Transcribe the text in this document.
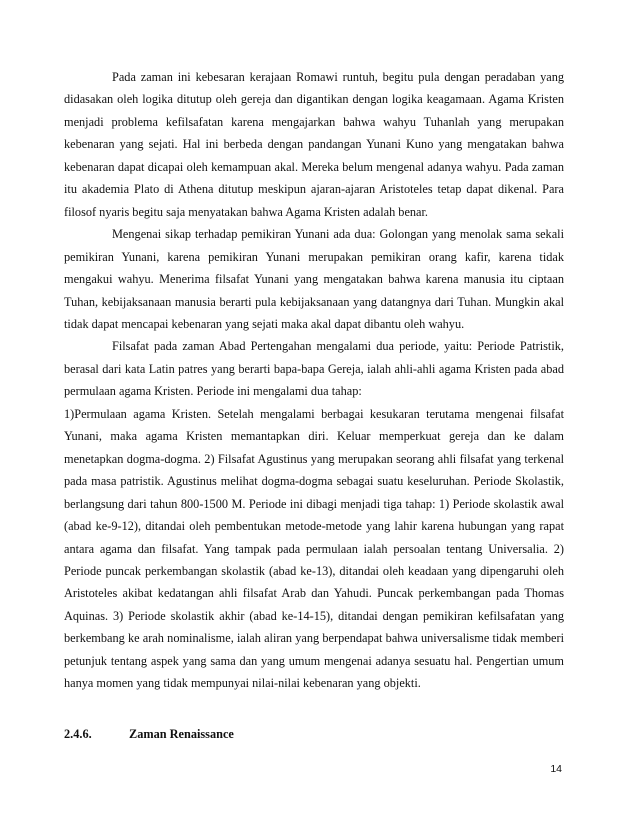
Pada zaman ini kebesaran kerajaan Romawi runtuh, begitu pula dengan peradaban yang didasakan oleh logika ditutup oleh gereja dan digantikan dengan logika keagamaan. Agama Kristen menjadi problema kefilsafatan karena mengajarkan bahwa wahyu Tuhanlah yang merupakan kebenaran yang sejati. Hal ini berbeda dengan pandangan Yunani Kuno yang mengatakan bahwa kebenaran dapat dicapai oleh kemampuan akal. Mereka belum mengenal adanya wahyu. Pada zaman itu akademia Plato di Athena ditutup meskipun ajaran-ajaran Aristoteles tetap dapat dikenal. Para filosof nyaris begitu saja menyatakan bahwa Agama Kristen adalah benar.

Mengenai sikap terhadap pemikiran Yunani ada dua: Golongan yang menolak sama sekali pemikiran Yunani, karena pemikiran Yunani merupakan pemikiran orang kafir, karena tidak mengakui wahyu. Menerima filsafat Yunani yang mengatakan bahwa karena manusia itu ciptaan Tuhan, kebijaksanaan manusia berarti pula kebijaksanaan yang datangnya dari Tuhan. Mungkin akal tidak dapat mencapai kebenaran yang sejati maka akal dapat dibantu oleh wahyu.

Filsafat pada zaman Abad Pertengahan mengalami dua periode, yaitu: Periode Patristik, berasal dari kata Latin patres yang berarti bapa-bapa Gereja, ialah ahli-ahli agama Kristen pada abad permulaan agama Kristen. Periode ini mengalami dua tahap:

1)Permulaan agama Kristen. Setelah mengalami berbagai kesukaran terutama mengenai filsafat Yunani, maka agama Kristen memantapkan diri. Keluar memperkuat gereja dan ke dalam menetapkan dogma-dogma. 2) Filsafat Agustinus yang merupakan seorang ahli filsafat yang terkenal pada masa patristik. Agustinus melihat dogma-dogma sebagai suatu keseluruhan. Periode Skolastik, berlangsung dari tahun 800-1500 M. Periode ini dibagi menjadi tiga tahap: 1) Periode skolastik awal (abad ke-9-12), ditandai oleh pembentukan metode-metode yang lahir karena hubungan yang rapat antara agama dan filsafat. Yang tampak pada permulaan ialah persoalan tentang Universalia. 2) Periode puncak perkembangan skolastik (abad ke-13), ditandai oleh keadaan yang dipengaruhi oleh Aristoteles akibat kedatangan ahli filsafat Arab dan Yahudi. Puncak perkembangan pada Thomas Aquinas. 3) Periode skolastik akhir (abad ke-14-15), ditandai dengan pemikiran kefilsafatan yang berkembang ke arah nominalisme, ialah aliran yang berpendapat bahwa universalisme tidak memberi petunjuk tentang aspek yang sama dan yang umum mengenai adanya sesuatu hal. Pengertian umum hanya momen yang tidak mempunyai nilai-nilai kebenaran yang objekti.

2.4.6.	Zaman Renaissance
14
